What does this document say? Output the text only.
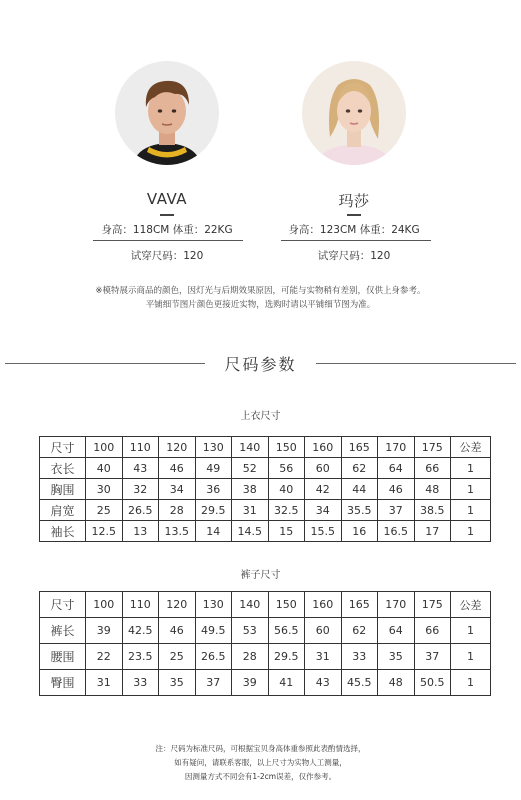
VAVA
身高：118CM 体重：22KG
试穿尺码：120
玛莎
身高：123CM 体重：24KG
试穿尺码：120
※模特展示商品的颜色，因灯光与后期效果原因，可能与实物稍有差别，仅供上身参考。
平铺细节图片颜色更接近实物，选购时请以平铺细节图为准。
尺码参数
上衣尺寸
尺寸	100	110	120	130	140	150	160	165	170	175	公差
衣长	40	43	46	49	52	56	60	62	64	66	1
胸围	30	32	34	36	38	40	42	44	46	48	1
肩宽	25	26.5	28	29.5	31	32.5	34	35.5	37	38.5	1
袖长	12.5	13	13.5	14	14.5	15	15.5	16	16.5	17	1
裤子尺寸
尺寸	100	110	120	130	140	150	160	165	170	175	公差
裤长	39	42.5	46	49.5	53	56.5	60	62	64	66	1
腰围	22	23.5	25	26.5	28	29.5	31	33	35	37	1
臀围	31	33	35	37	39	41	43	45.5	48	50.5	1
注：尺码为标准尺码，可根据宝贝身高体重参照此表酌情选择，
如有疑问，请联系客服，以上尺寸为实物人工测量，
因测量方式不同会有1-2cm误差，仅作参考。
